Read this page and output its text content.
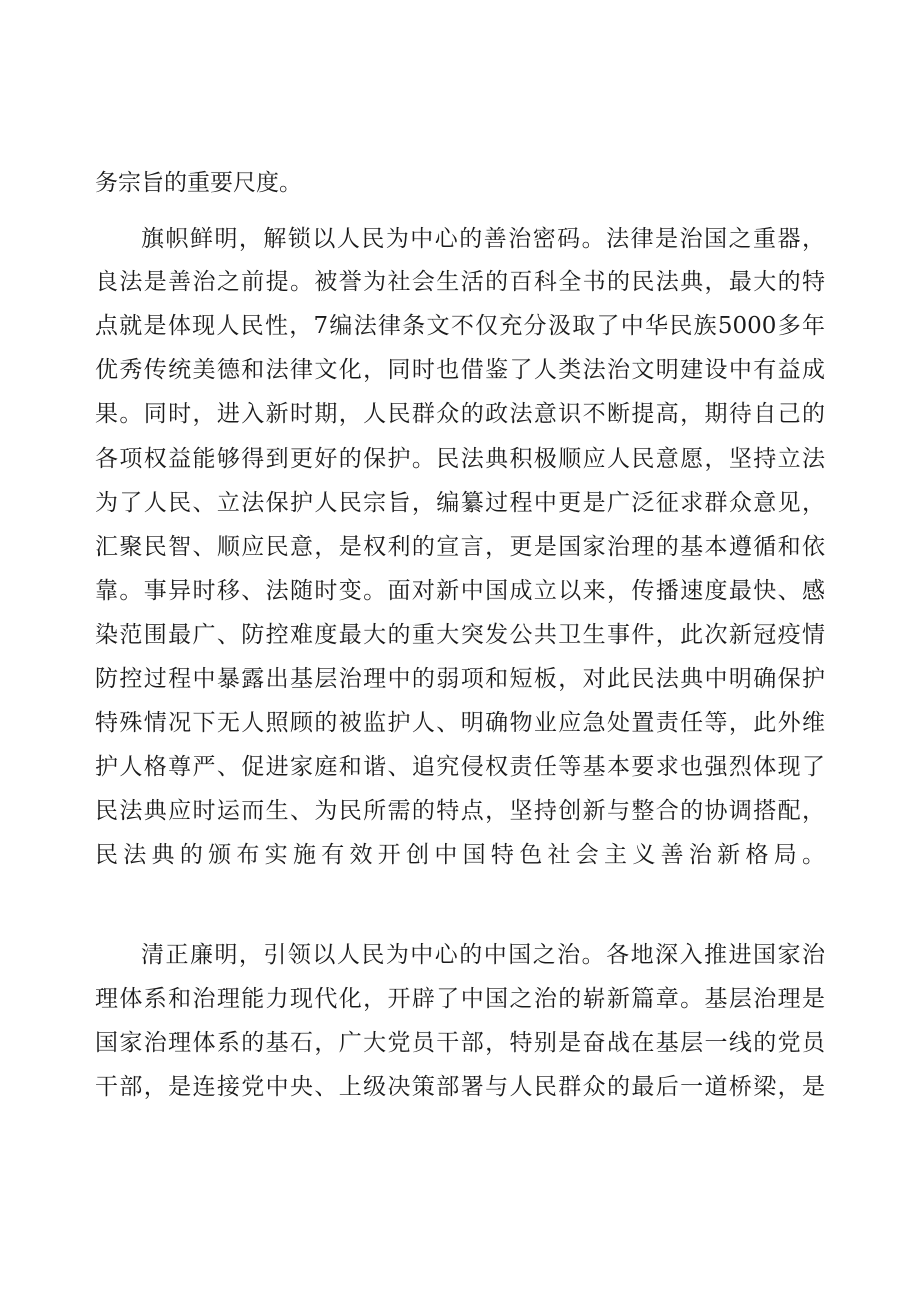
务宗旨的重要尺度。
旗帜鲜明，解锁以人民为中心的善治密码。法律是治国之重器，
良法是善治之前提。被誉为社会生活的百科全书的民法典，最大的特
点就是体现人民性，7编法律条文不仅充分汲取了中华民族5000多年
优秀传统美德和法律文化，同时也借鉴了人类法治文明建设中有益成
果。同时，进入新时期，人民群众的政法意识不断提高，期待自己的
各项权益能够得到更好的保护。民法典积极顺应人民意愿，坚持立法
为了人民、立法保护人民宗旨，编纂过程中更是广泛征求群众意见，
汇聚民智、顺应民意，是权利的宣言，更是国家治理的基本遵循和依
靠。事异时移、法随时变。面对新中国成立以来，传播速度最快、感
染范围最广、防控难度最大的重大突发公共卫生事件，此次新冠疫情
防控过程中暴露出基层治理中的弱项和短板，对此民法典中明确保护
特殊情况下无人照顾的被监护人、明确物业应急处置责任等，此外维
护人格尊严、促进家庭和谐、追究侵权责任等基本要求也强烈体现了
民法典应时运而生、为民所需的特点，坚持创新与整合的协调搭配，
民法典的颁布实施有效开创中国特色社会主义善治新格局。
清正廉明，引领以人民为中心的中国之治。各地深入推进国家治
理体系和治理能力现代化，开辟了中国之治的崭新篇章。基层治理是
国家治理体系的基石，广大党员干部，特别是奋战在基层一线的党员
干部，是连接党中央、上级决策部署与人民群众的最后一道桥梁，是
